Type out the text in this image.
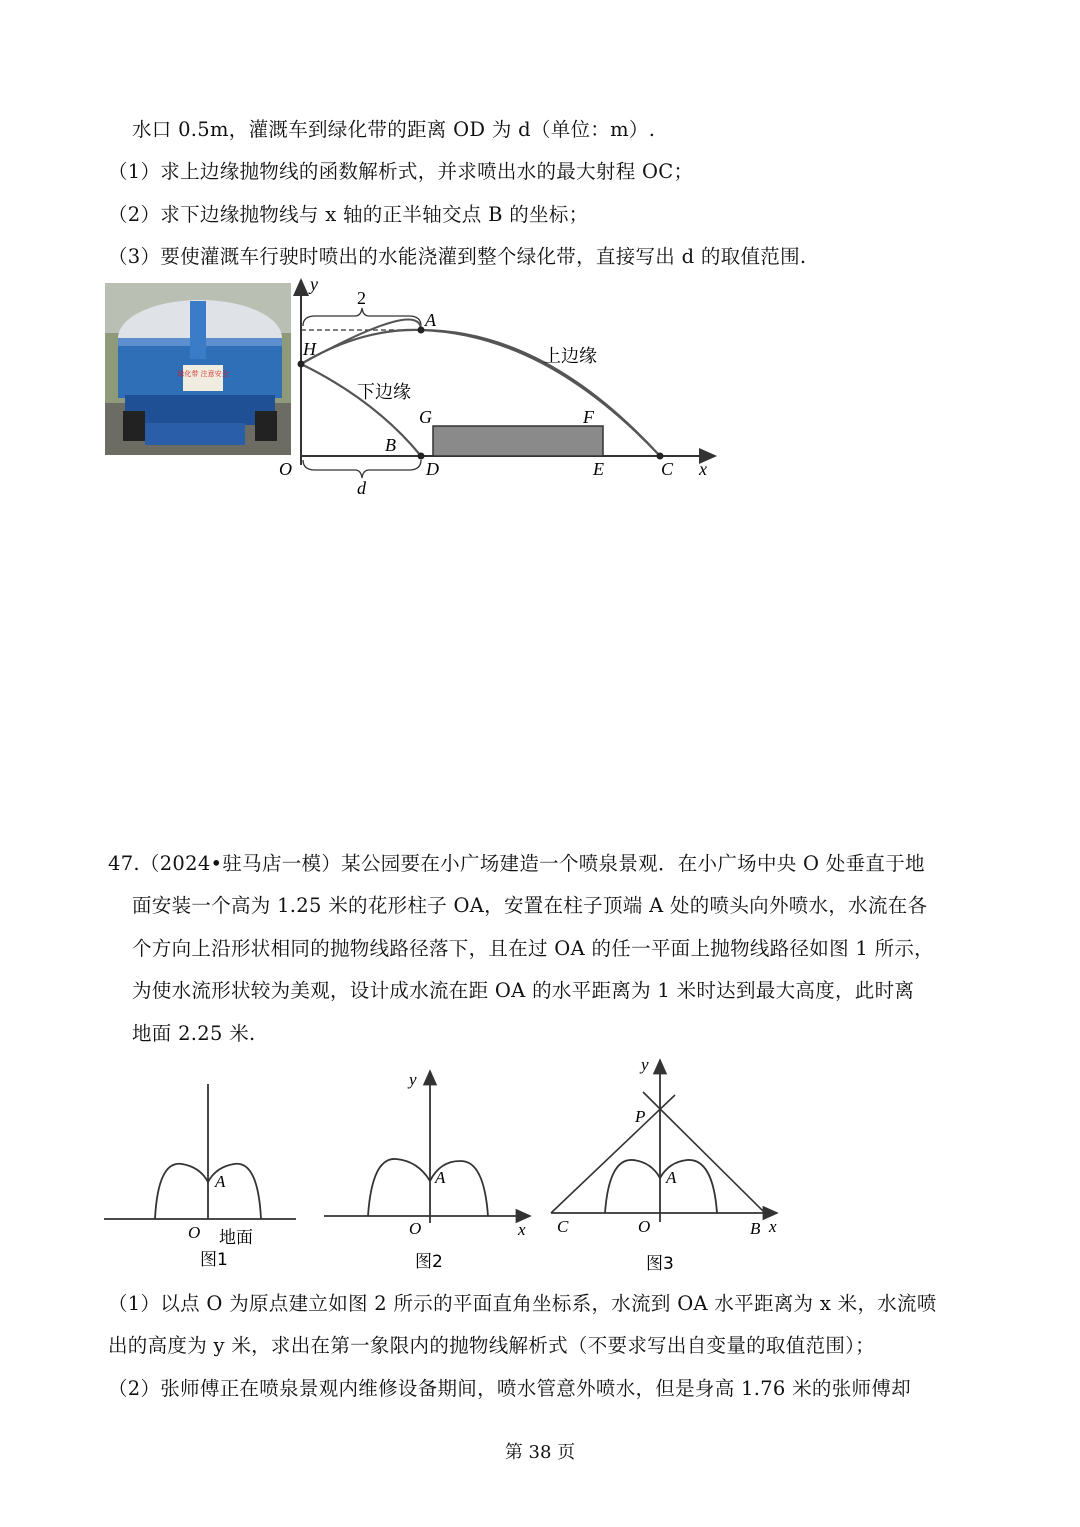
水口 0.5m，灌溉车到绿化带的距离 OD 为 d（单位：m）.
（1）求上边缘抛物线的函数解析式，并求喷出水的最大射程 OC；
（2）求下边缘抛物线与 x 轴的正半轴交点 B 的坐标；
（3）要使灌溉车行驶时喷出的水能浇灌到整个绿化带，直接写出 d 的取值范围.
绿化带 注意安全
y
x
2
H
A
G	F
B
O	D	E	C
上边缘
下边缘
d
47.（2024•驻马店一模）某公园要在小广场建造一个喷泉景观．在小广场中央 O 处垂直于地
面安装一个高为 1.25 米的花形柱子 OA，安置在柱子顶端 A 处的喷头向外喷水，水流在各
个方向上沿形状相同的抛物线路径落下，且在过 OA 的任一平面上抛物线路径如图 1 所示，
为使水流形状较为美观，设计成水流在距 OA 的水平距离为 1 米时达到最大高度，此时离
地面 2.25 米.
A
O 地面
图1
y
A
O	x
图2
y
P
A
C	O	B x
图3
（1）以点 O 为原点建立如图 2 所示的平面直角坐标系，水流到 OA 水平距离为 x 米，水流喷
出的高度为 y 米，求出在第一象限内的抛物线解析式（不要求写出自变量的取值范围）；
（2）张师傅正在喷泉景观内维修设备期间，喷水管意外喷水，但是身高 1.76 米的张师傅却
第 38 页
